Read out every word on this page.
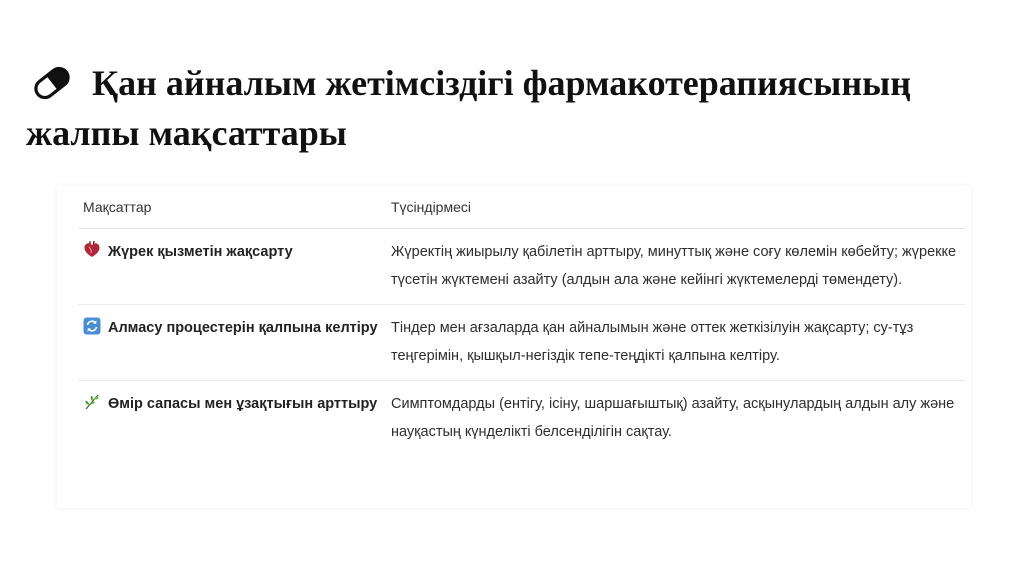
Қан айналым жетімсіздігі фармакотерапиясының жалпы мақсаттары
Мақсаттар	Түсіндірмесі
Жүрек қызметін жақсарту	Жүректің жиырылу қабілетін арттыру, минуттық және соғу көлемін көбейту; жүрекке түсетін жүктемені азайту (алдын ала және кейінгі жүктемелерді төмендету).
Алмасу процестерін қалпына келтіру	Тіндер мен ағзаларда қан айналымын және оттек жеткізілуін жақсарту; су-тұз теңгерімін, қышқыл-негіздік тепе-теңдікті қалпына келтіру.
Өмір сапасы мен ұзақтығын арттыру	Симптомдарды (ентігу, ісіну, шаршағыштық) азайту, асқынулардың алдын алу және науқастың күнделікті белсенділігін сақтау.
